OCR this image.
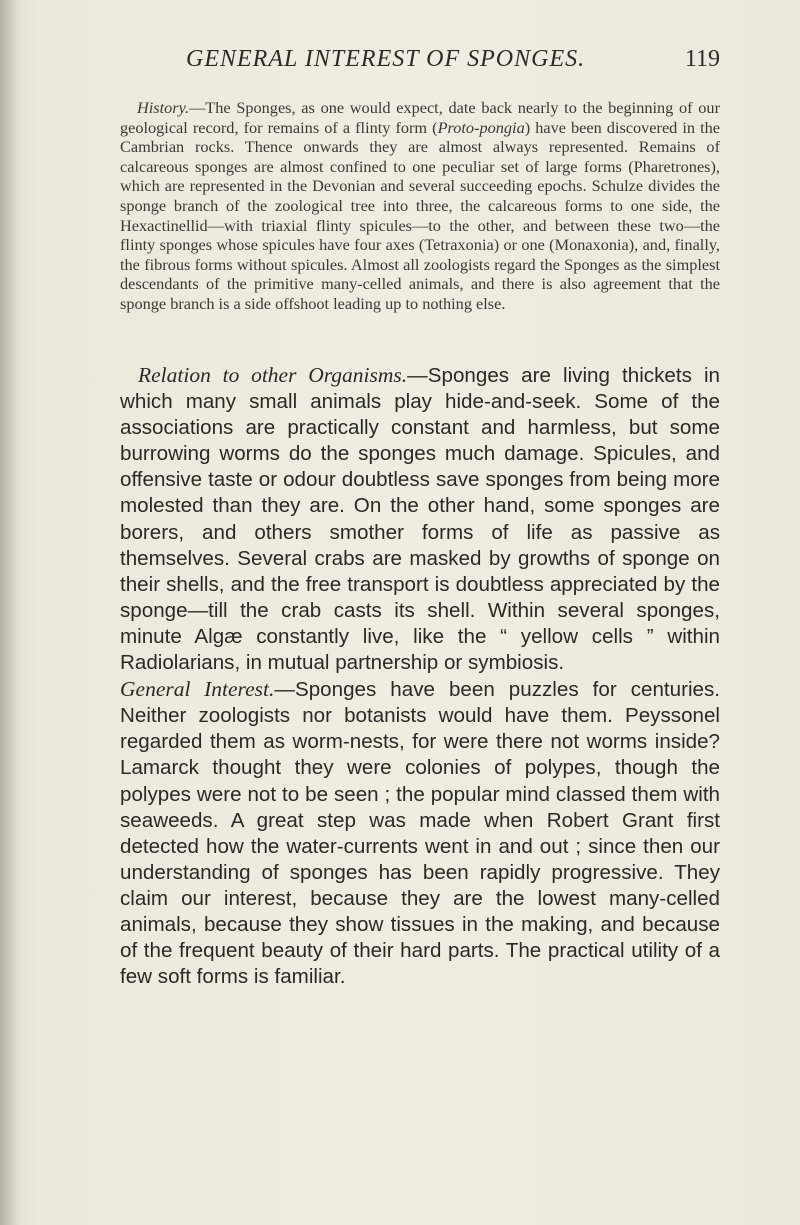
GENERAL INTEREST OF SPONGES.	119

History.—The Sponges, as one would expect, date back nearly to the beginning of our geological record, for remains of a flinty form (Proto-pongia) have been discovered in the Cambrian rocks. Thence onwards they are almost always represented. Remains of calcareous sponges are almost confined to one peculiar set of large forms (Pharetrones), which are represented in the Devonian and several succeeding epochs. Schulze divides the sponge branch of the zoological tree into three, the calcareous forms to one side, the Hexactinellid—with triaxial flinty spicules—to the other, and between these two—the flinty sponges whose spicules have four axes (Tetraxonia) or one (Monaxonia), and, finally, the fibrous forms without spicules. Almost all zoologists regard the Sponges as the simplest descendants of the primitive many-celled animals, and there is also agreement that the sponge branch is a side offshoot leading up to nothing else.

Relation to other Organisms.—Sponges are living thickets in which many small animals play hide-and-seek. Some of the associations are practically constant and harmless, but some burrowing worms do the sponges much damage. Spicules, and offensive taste or odour doubtless save sponges from being more molested than they are. On the other hand, some sponges are borers, and others smother forms of life as passive as themselves. Several crabs are masked by growths of sponge on their shells, and the free transport is doubtless appreciated by the sponge—till the crab casts its shell. Within several sponges, minute Algæ constantly live, like the “ yellow cells ” within Radiolarians, in mutual partnership or symbiosis.

General Interest.—Sponges have been puzzles for centuries. Neither zoologists nor botanists would have them. Peyssonel regarded them as worm-nests, for were there not worms inside? Lamarck thought they were colonies of polypes, though the polypes were not to be seen ; the popular mind classed them with seaweeds. A great step was made when Robert Grant first detected how the water-currents went in and out ; since then our understanding of sponges has been rapidly progressive. They claim our interest, because they are the lowest many-celled animals, because they show tissues in the making, and because of the frequent beauty of their hard parts. The practical utility of a few soft forms is familiar.
